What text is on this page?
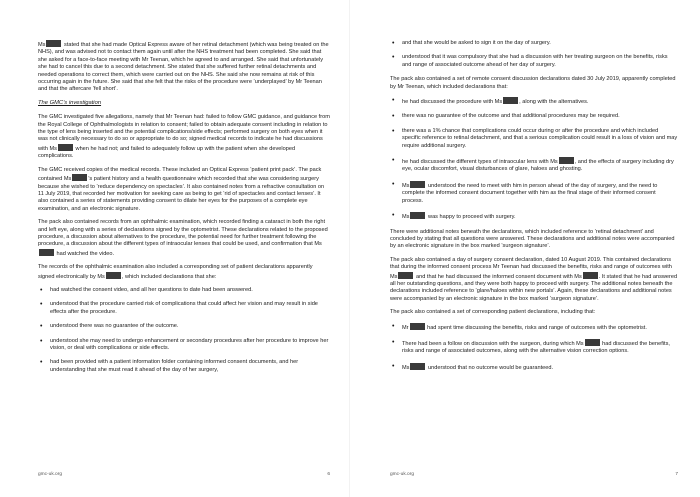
Ms	stated that she had made Optical Express aware of her retinal detachment (which was being treated on the NHS), and was advised not to contact them again until after the NHS treatment had been completed. She said that she asked for a face-to-face meeting with Mr Teenan, which he agreed to and arranged. She said that unfortunately she had to cancel this due to a second detachment. She stated that she suffered further retinal detachments and needed operations to correct them, which were carried out on the NHS. She said she now remains at risk of this occurring again in the future. She said that she felt that the risks of the procedure were ‘underplayed’ by Mr Teenan and that the aftercare ‘fell short’.

The GMC’s investigation

The GMC investigated five allegations, namely that Mr Teenan had: failed to follow GMC guidance, and guidance from the Royal College of Ophthalmologists in relation to consent; failed to obtain adequate consent including in relation to the type of lens being inserted and the potential complications/side effects; performed surgery on both eyes when it was not clinically necessary to do so or appropriate to do so; signed medical records to indicate he had discussions with Ms	when he had not; and failed to adequately follow up with the patient when she developed complications.

The GMC received copies of the medical records. These included an Optical Express ‘patient print pack’. The pack contained Ms	’s patient history and a health questionnaire which recorded that she was considering surgery because she wished to ‘reduce dependency on spectacles’. It also contained notes from a refractive consultation on 11 July 2019, that recorded her motivation for seeking care as being to get ‘rid of spectacles and contact lenses’. It also contained a series of statements providing consent to dilate her eyes for the purposes of a complete eye examination, and an electronic signature.

The pack also contained records from an ophthalmic examination, which recorded finding a cataract in both the right and left eye, along with a series of declarations signed by the optometrist. These declarations related to the proposed procedure, a discussion about alternatives to the procedure, the potential need for further treatment following the procedure, a discussion about the different types of intraocular lenses that could be used, and confirmation that Ms had watched the video.

The records of the ophthalmic examination also included a corresponding set of patient declarations apparently signed electronically by Ms	, which included declarations that she:

• had watched the consent video, and all her questions to date had been answered.
• understood that the procedure carried risk of complications that could affect her vision and may result in side effects after the procedure.
• understood there was no guarantee of the outcome.
• understood she may need to undergo enhancement or secondary procedures after her procedure to improve her vision, or deal with complications or side effects.
• had been provided with a patient information folder containing informed consent documents, and her understanding that she must read it ahead of the day of her surgery,
gmc-uk.org	6
• and that she would be asked to sign it on the day of surgery.
• understood that it was compulsory that she had a discussion with her treating surgeon on the benefits, risks and range of associated outcome ahead of her day of surgery.

The pack also contained a set of remote consent discussion declarations dated 30 July 2019, apparently completed by Mr Teenan, which included declarations that:

• he had discussed the procedure with Ms	, along with the alternatives.
• there was no guarantee of the outcome and that additional procedures may be required.
• there was a 1% chance that complications could occur during or after the procedure and which included specific reference to retinal detachment, and that a serious complication could result in a loss of vision and may require additional surgery.
• he had discussed the different types of intraocular lens with Ms	, and the effects of surgery including dry eye, ocular discomfort, visual disturbances of glare, haloes and ghosting.
• Ms	understood the need to meet with him in person ahead of the day of surgery, and the need to complete the informed consent document together with him as the final stage of their informed consent process.
• Ms	was happy to proceed with surgery.

There were additional notes beneath the declarations, which included reference to ‘retinal detachment’ and concluded by stating that all questions were answered. These declarations and additional notes were accompanied by an electronic signature in the box marked ‘surgeon signature’.

The pack also contained a day of surgery consent declaration, dated 10 August 2019. This contained declarations that during the informed consent process Mr Teenan had discussed the benefits, risks and range of outcomes with Ms	and that he had discussed the informed consent document with Ms	. It stated that he had answered all her outstanding questions, and they were both happy to proceed with surgery. The additional notes beneath the declarations included reference to ‘glare/haloes within new portals’. Again, these declarations and additional notes were accompanied by an electronic signature in the box marked ‘surgeon signature’.

The pack also contained a set of corresponding patient declarations, including that:

• Mr	had spent time discussing the benefits, risks and range of outcomes with the optometrist.
• There had been a follow on discussion with the surgeon, during which Ms	had discussed the benefits, risks and range of associated outcomes, along with the alternative vision correction options.
• Ms	understood that no outcome would be guaranteed.
gmc-uk.org	7
